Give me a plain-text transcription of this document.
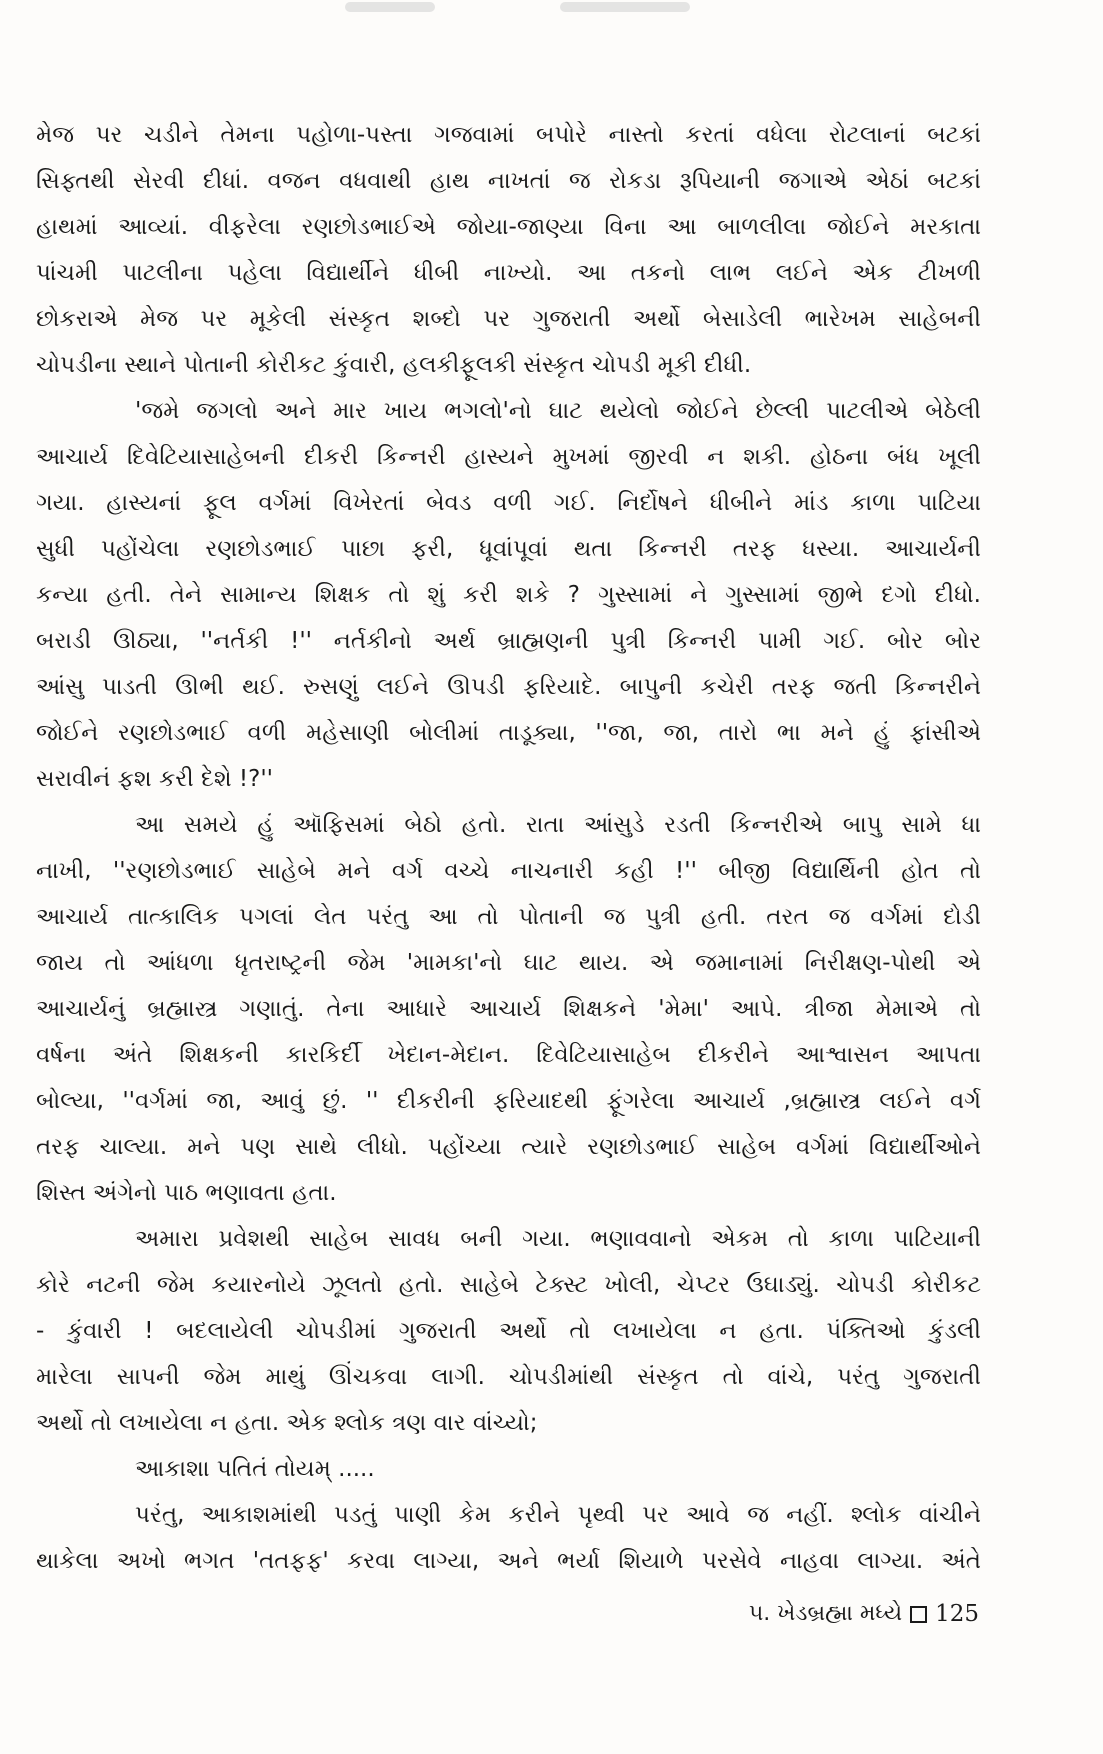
મેજ પર ચડીને તેમના પહોળા-પસ્તા ગજવામાં બપોરે નાસ્તો કરતાં વધેલા રોટલાનાં બટકાં
સિફ્તથી સેરવી દીધાં. વજન વધવાથી હાથ નાખતાં જ રોકડા રૂપિયાની જગાએ એઠાં બટકાં
હાથમાં આવ્યાં. વીફરેલા રણછોડભાઈએ જોયા-જાણ્યા વિના આ બાળલીલા જોઈને મરકાતા
પાંચમી પાટલીના પહેલા વિદ્યાર્થીને ધીબી નાખ્યો. આ તકનો લાભ લઈને એક ટીખળી
છોકરાએ મેજ પર મૂકેલી સંસ્કૃત શબ્દો પર ગુજરાતી અર્થો બેસાડેલી ભારેખમ સાહેબની
ચોપડીના સ્થાને પોતાની કોરીકટ કુંવારી, હલકીફૂલકી સંસ્કૃત ચોપડી મૂકી દીધી.
'જમે જગલો અને માર ખાય ભગલો'નો ઘાટ થયેલો જોઈને છેલ્લી પાટલીએ બેઠેલી
આચાર્ય દિવેટિયાસાહેબની દીકરી કિન્નરી હાસ્યને મુખમાં જીરવી ન શકી. હોઠના બંધ ખૂલી
ગયા. હાસ્યનાં ફૂલ વર્ગમાં વિખેરતાં બેવડ વળી ગઈ. નિર્દોષને ધીબીને માંડ કાળા પાટિયા
સુધી પહોંચેલા રણછોડભાઈ પાછા ફરી, ધૂવાંપૂવાં થતા કિન્નરી તરફ ધસ્યા. આચાર્યની
કન્યા હતી. તેને સામાન્ય શિક્ષક તો શું કરી શકે ? ગુસ્સામાં ને ગુસ્સામાં જીભે દગો દીધો.
બરાડી ઊઠ્યા, ''નર્તકી !'' નર્તકીનો અર્થ બ્રાહ્મણની પુત્રી કિન્નરી પામી ગઈ. બોર બોર
આંસુ પાડતી ઊભી થઈ. રુસણું લઈને ઊપડી ફરિયાદે. બાપુની કચેરી તરફ જતી કિન્નરીને
જોઈને રણછોડભાઈ વળી મહેસાણી બોલીમાં તાડૂક્યા, ''જા, જા, તારો ભા મને હું ફાંસીએ
સરાવીનં ફશ કરી દેશે !?''
આ સમયે હું ઑફિસમાં બેઠો હતો. રાતા આંસુડે રડતી કિન્નરીએ બાપુ સામે ધા
નાખી, ''રણછોડભાઈ સાહેબે મને વર્ગ વચ્ચે નાચનારી કહી !'' બીજી વિદ્યાર્થિની હોત તો
આચાર્ય તાત્કાલિક પગલાં લેત પરંતુ આ તો પોતાની જ પુત્રી હતી. તરત જ વર્ગમાં દોડી
જાય તો આંધળા ધૃતરાષ્ટ્રની જેમ 'મામકા'નો ઘાટ થાય. એ જમાનામાં નિરીક્ષણ-પોથી એ
આચાર્યનું બ્રહ્માસ્ત્ર ગણાતું. તેના આધારે આચાર્ય શિક્ષકને 'મેમા' આપે. ત્રીજા મેમાએ તો
વર્ષના અંતે શિક્ષકની કારકિર્દી ખેદાન-મેદાન. દિવેટિયાસાહેબ દીકરીને આશ્વાસન આપતા
બોલ્યા, ''વર્ગમાં જા, આવું છું. '' દીકરીની ફરિયાદથી ફૂંગરેલા આચાર્ય ,બ્રહ્માસ્ત્ર લઈને વર્ગ
તરફ ચાલ્યા. મને પણ સાથે લીધો. પહોંચ્યા ત્યારે રણછોડભાઈ સાહેબ વર્ગમાં વિદ્યાર્થીઓને
શિસ્ત અંગેનો પાઠ ભણાવતા હતા.
અમારા પ્રવેશથી સાહેબ સાવધ બની ગયા. ભણાવવાનો એકમ તો કાળા પાટિયાની
કોરે નટની જેમ કયારનોયે ઝૂલતો હતો. સાહેબે ટેક્સ્ટ ખોલી, ચેપ્ટર ઉઘાડ્યું. ચોપડી કોરીકટ
- કુંવારી ! બદલાયેલી ચોપડીમાં ગુજરાતી અર્થો તો લખાયેલા ન હતા. પંક્તિઓ કુંડલી
મારેલા સાપની જેમ માથું ઊંચકવા લાગી. ચોપડીમાંથી સંસ્કૃત તો વાંચે, પરંતુ ગુજરાતી
અર્થો તો લખાયેલા ન હતા. એક શ્લોક ત્રણ વાર વાંચ્યો;
આકાશા પતિતં તોયમ્ .....
પરંતુ, આકાશમાંથી પડતું પાણી કેમ કરીને પૃથ્વી પર આવે જ નહીં. શ્લોક વાંચીને
થાકેલા અખો ભગત 'તતફફ' કરવા લાગ્યા, અને ભર્યા શિયાળે પરસેવે નાહવા લાગ્યા. અંતે
૫. ખેડબ્રહ્મા મધ્યે 125
